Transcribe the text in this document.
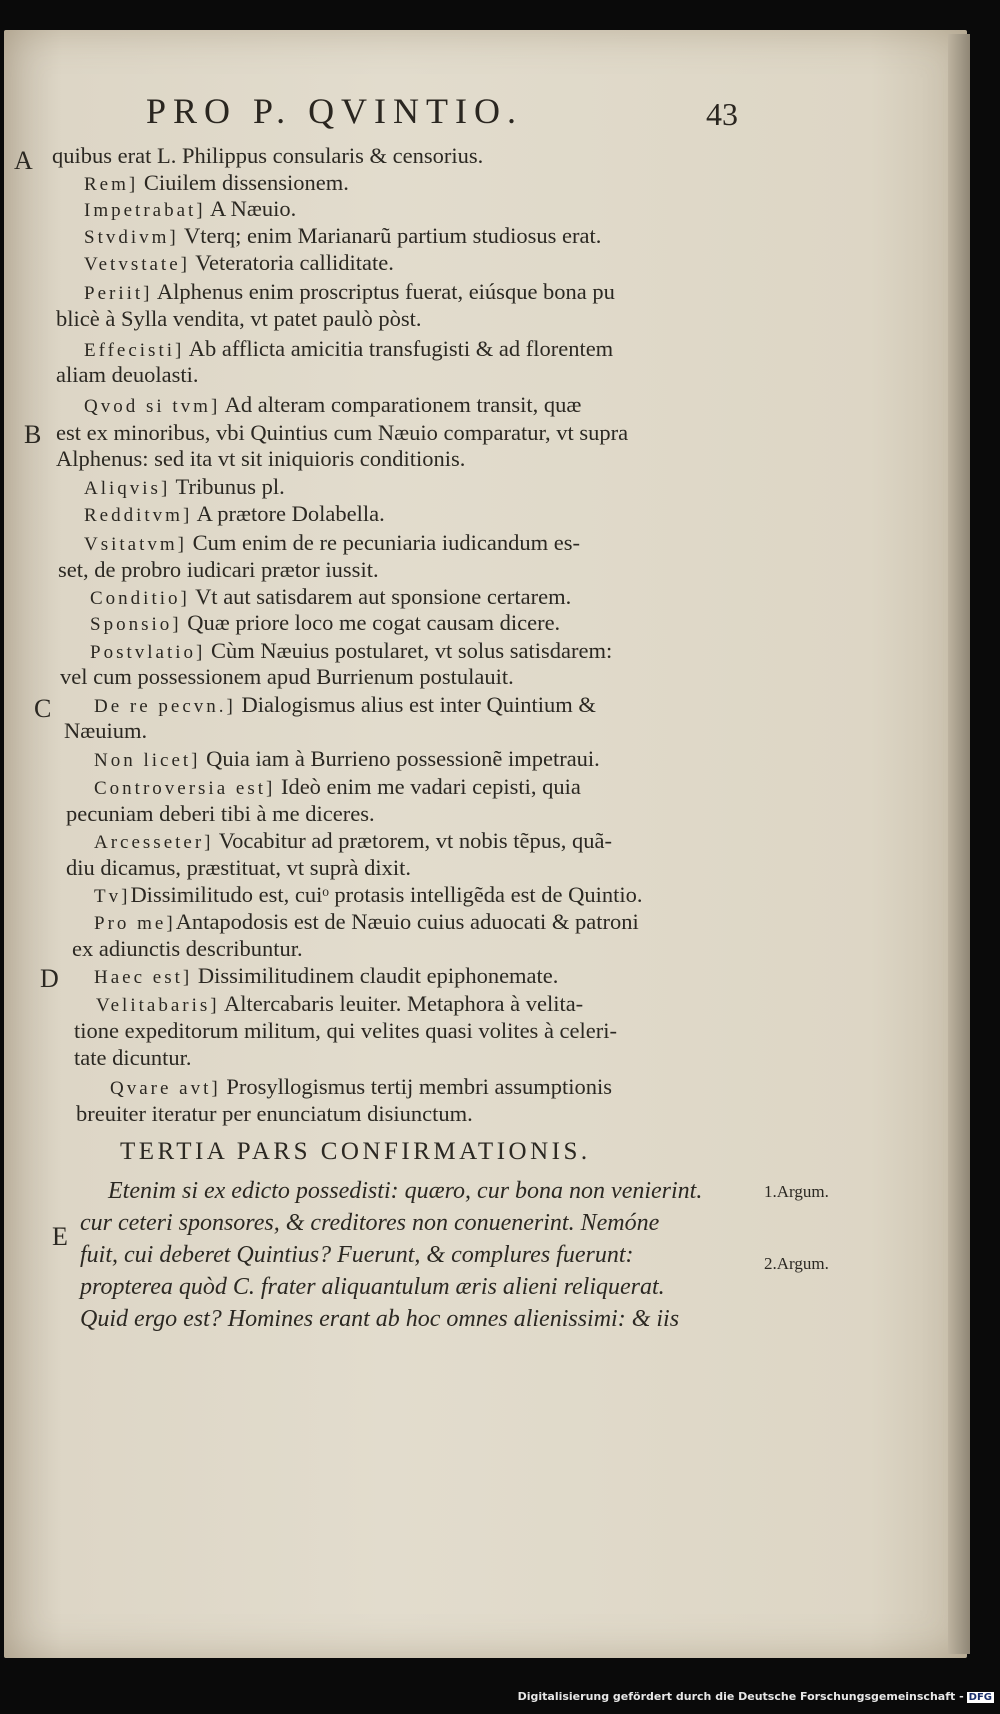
PRO P. QVINTIO.	43
A
B
C
D
E
quibus erat L. Philippus consularis & censorius.
Rem] Ciuilem dissensionem.
Impetrabat] A Næuio.
Stvdivm] Vterq; enim Marianarũ partium studiosus erat.
Vetvstate] Veteratoria calliditate.
Periit] Alphenus enim proscriptus fuerat, eiúsque bona pu
blicè à Sylla vendita, vt patet paulò pòst.
Effecisti] Ab afflicta amicitia transfugisti & ad florentem
aliam deuolasti.
Qvod si tvm] Ad alteram comparationem transit, quæ
est ex minoribus, vbi Quintius cum Næuio comparatur, vt supra
Alphenus: sed ita vt sit iniquioris conditionis.
Aliqvis] Tribunus pl.
Redditvm] A prætore Dolabella.
Vsitatvm] Cum enim de re pecuniaria iudicandum es-
set, de probro iudicari prætor iussit.
Conditio] Vt aut satisdarem aut sponsione certarem.
Sponsio] Quæ priore loco me cogat causam dicere.
Postvlatio] Cùm Næuius postularet, vt solus satisdarem:
vel cum possessionem apud Burrienum postulauit.
De re pecvn.] Dialogismus alius est inter Quintium &
Næuium.
Non licet] Quia iam à Burrieno possessionẽ impetraui.
Controversia est] Ideò enim me vadari cepisti, quia
pecuniam deberi tibi à me diceres.
Arcesseter] Vocabitur ad prætorem, vt nobis tẽpus, quã-
diu dicamus, præstituat, vt suprà dixit.
Tv]Dissimilitudo est, cuiᵒ protasis intelligẽda est de Quintio.
Pro me]Antapodosis est de Næuio cuius aduocati & patroni
ex adiunctis describuntur.
Haec est] Dissimilitudinem claudit epiphonemate.
Velitabaris] Altercabaris leuiter. Metaphora à velita-
tione expeditorum militum, qui velites quasi volites à celeri-
tate dicuntur.
Qvare avt] Prosyllogismus tertij membri assumptionis
breuiter iteratur per enunciatum disiunctum.
TERTIA PARS CONFIRMATIONIS.
Etenim si ex edicto possedisti: quæro, cur bona non venierint.
cur ceteri sponsores, & creditores non conuenerint. Nemóne
fuit, cui deberet Quintius? Fuerunt, & complures fuerunt:
propterea quòd C. frater aliquantulum æris alieni reliquerat.
Quid ergo est? Homines erant ab hoc omnes alienissimi: & iis
1.Argum.
2.Argum.
Digitalisierung gefördert durch die Deutsche Forschungsgemeinschaft - DFG
